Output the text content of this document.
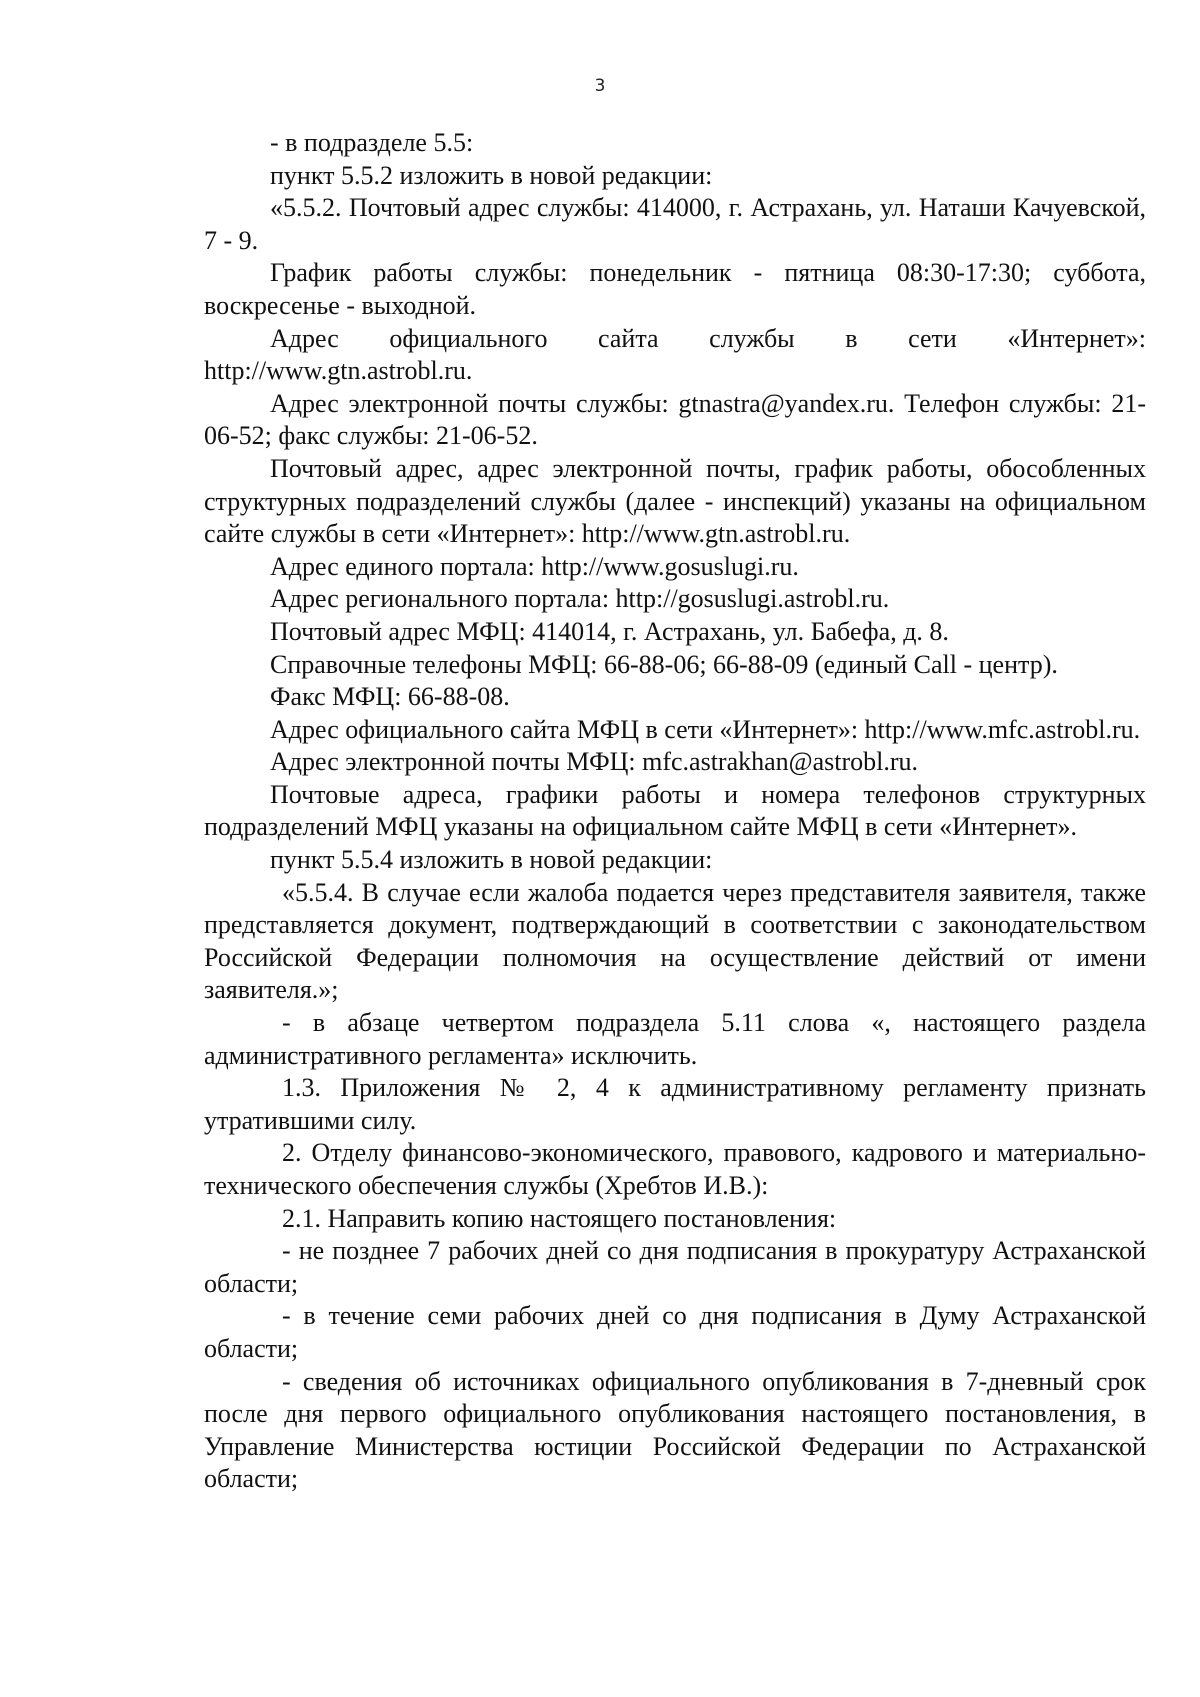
3

- в подразделе 5.5:

пункт 5.5.2 изложить в новой редакции:

«5.5.2. Почтовый адрес службы: 414000, г. Астрахань, ул. Наташи Качуевской, 7 - 9.

График работы службы: понедельник - пятница 08:30-17:30; суббота, воскресенье - выходной.

Адрес официального сайта службы в сети «Интернет»: http://www.gtn.astrobl.ru.

Адрес электронной почты службы: gtnastra@yandex.ru. Телефон службы: 21-06-52; факс службы: 21-06-52.

Почтовый адрес, адрес электронной почты, график работы, обособленных структурных подразделений службы (далее - инспекций) указаны на официальном сайте службы в сети «Интернет»: http://www.gtn.astrobl.ru.

Адрес единого портала: http://www.gosuslugi.ru.

Адрес регионального портала: http://gosuslugi.astrobl.ru.

Почтовый адрес МФЦ: 414014, г. Астрахань, ул. Бабефа, д. 8.

Справочные телефоны МФЦ: 66-88-06; 66-88-09 (единый Call - центр).

Факс МФЦ: 66-88-08.

Адрес официального сайта МФЦ в сети «Интернет»: http://www.mfc.astrobl.ru.

Адрес электронной почты МФЦ: mfc.astrakhan@astrobl.ru.

Почтовые адреса, графики работы и номера телефонов структурных подразделений МФЦ указаны на официальном сайте МФЦ в сети «Интернет».

пункт 5.5.4 изложить в новой редакции:

«5.5.4. В случае если жалоба подается через представителя заявителя, также представляется документ, подтверждающий в соответствии с законодательством Российской Федерации полномочия на осуществление действий от имени заявителя.»;

- в абзаце четвертом подраздела 5.11 слова «, настоящего раздела административного регламента» исключить.

1.3. Приложения № 2, 4 к административному регламенту признать утратившими силу.

2. Отделу финансово-экономического, правового, кадрового и материально-технического обеспечения службы (Хребтов И.В.):

2.1. Направить копию настоящего постановления:

- не позднее 7 рабочих дней со дня подписания в прокуратуру Астраханской области;

- в течение семи рабочих дней со дня подписания в Думу Астраханской области;

- сведения об источниках официального опубликования в 7-дневный срок после дня первого официального опубликования настоящего постановления, в Управление Министерства юстиции Российской Федерации по Астраханской области;
